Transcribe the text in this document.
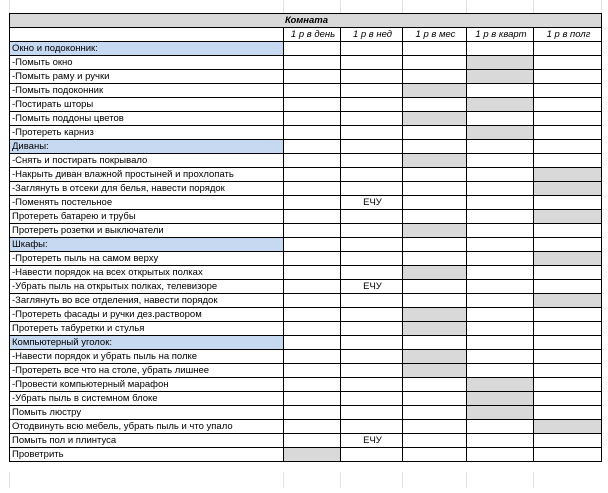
Комната					
	1 р в день	1 р в нед	1 р в мес	1 р в кварт	1 р в полг
Окно и подоконник:					
-Помыть окно					
-Помыть раму и ручки					
-Помыть подоконник					
-Постирать шторы					
-Помыть поддоны цветов					
-Протереть карниз					
Диваны:					
-Снять и постирать покрывало					
-Накрыть диван влажной простыней и прохлопать					
-Заглянуть в отсеки для белья, навести порядок					
-Поменять постельное		ЕЧУ			
Протереть батарею и трубы					
Протереть розетки и выключатели					
Шкафы:					
-Протереть пыль на самом верху					
-Навести порядок на всех открытых полках					
-Убрать пыль на открытых полках, телевизоре		ЕЧУ			
-Заглянуть во все отделения, навести порядок					
-Протереть фасады и ручки дез.раствором					
Протереть табуретки и стулья					
Компьютерный уголок:					
-Навести порядок и убрать пыль на полке					
-Протереть все что на столе, убрать лишнее					
-Провести компьютерный марафон					
-Убрать пыль в системном блоке					
Помыть люстру					
Отодвинуть всю мебель, убрать пыль и что упало					
Помыть пол и плинтуса		ЕЧУ			
Проветрить					
